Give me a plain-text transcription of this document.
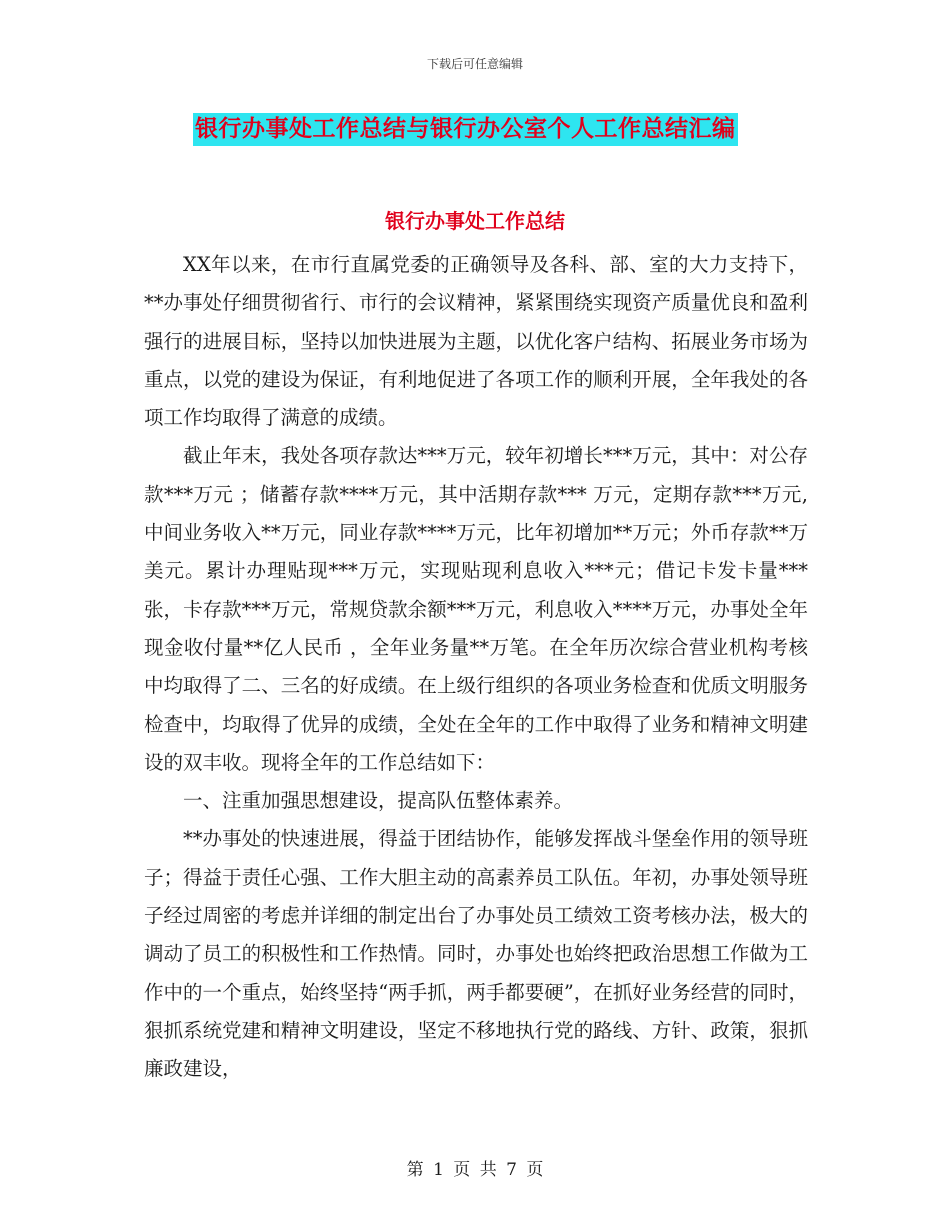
下载后可任意编辑
银行办事处工作总结与银行办公室个人工作总结汇编
银行办事处工作总结

XX年以来，在市行直属党委的正确领导及各科、部、室的大力支持下，**办事处仔细贯彻省行、市行的会议精神，紧紧围绕实现资产质量优良和盈利强行的进展目标，坚持以加快进展为主题，以优化客户结构、拓展业务市场为重点，以党的建设为保证，有利地促进了各项工作的顺利开展，全年我处的各项工作均取得了满意的成绩。

截止年末，我处各项存款达***万元，较年初增长***万元，其中：对公存款***万元 ；储蓄存款****万元，其中活期存款*** 万元，定期存款***万元,中间业务收入**万元，同业存款****万元，比年初增加**万元；外币存款**万美元。累计办理贴现***万元，实现贴现利息收入***元；借记卡发卡量*** 张，卡存款***万元，常规贷款余额***万元，利息收入****万元，办事处全年现金收付量**亿人民币 ，全年业务量**万笔。在全年历次综合营业机构考核中均取得了二、三名的好成绩。在上级行组织的各项业务检查和优质文明服务检查中，均取得了优异的成绩，全处在全年的工作中取得了业务和精神文明建设的双丰收。现将全年的工作总结如下：

一、注重加强思想建设，提高队伍整体素养。

**办事处的快速进展，得益于团结协作，能够发挥战斗堡垒作用的领导班子；得益于责任心强、工作大胆主动的高素养员工队伍。年初，办事处领导班子经过周密的考虑并详细的制定出台了办事处员工绩效工资考核办法，极大的调动了员工的积极性和工作热情。同时，办事处也始终把政治思想工作做为工作中的一个重点，始终坚持“两手抓，两手都要硬”，在抓好业务经营的同时，狠抓系统党建和精神文明建设，坚定不移地执行党的路线、方针、政策，狠抓廉政建设，

第 1 页 共 7 页
